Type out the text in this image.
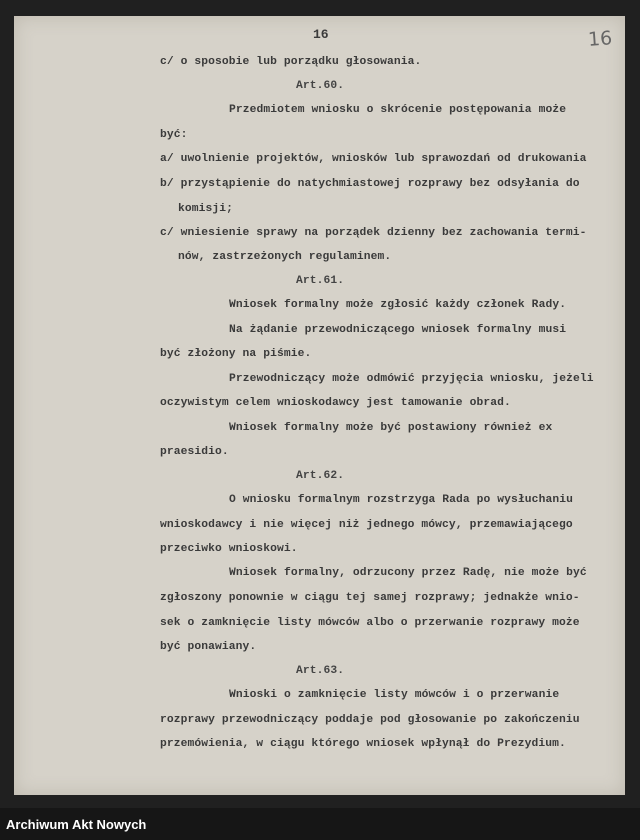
16	16
c/ o sposobie lub porządku głosowania.
Art.60.
Przedmiotem wniosku o skrócenie postępowania może
być:
a/ uwolnienie projektów, wniosków lub sprawozdań od drukowania
b/ przystąpienie do natychmiastowej rozprawy bez odsyłania do
komisji;
c/ wniesienie sprawy na porządek dzienny bez zachowania termi-
nów, zastrzeżonych regulaminem.
Art.61.
Wniosek formalny może zgłosić każdy członek Rady.
Na żądanie przewodniczącego wniosek formalny musi
być złożony na piśmie.
Przewodniczący może odmówić przyjęcia wniosku, jeżeli
oczywistym celem wnioskodawcy jest tamowanie obrad.
Wniosek formalny może być postawiony również ex
praesidio.
Art.62.
O wniosku formalnym rozstrzyga Rada po wysłuchaniu
wnioskodawcy i nie więcej niż jednego mówcy, przemawiającego
przeciwko wnioskowi.
Wniosek formalny, odrzucony przez Radę, nie może być
zgłoszony ponownie w ciągu tej samej rozprawy; jednakże wnio-
sek o zamknięcie listy mówców albo o przerwanie rozprawy może
być ponawiany.
Art.63.
Wnioski o zamknięcie listy mówców i o przerwanie
rozprawy przewodniczący poddaje pod głosowanie po zakończeniu
przemówienia, w ciągu którego wniosek wpłynął do Prezydium.
Archiwum Akt Nowych
